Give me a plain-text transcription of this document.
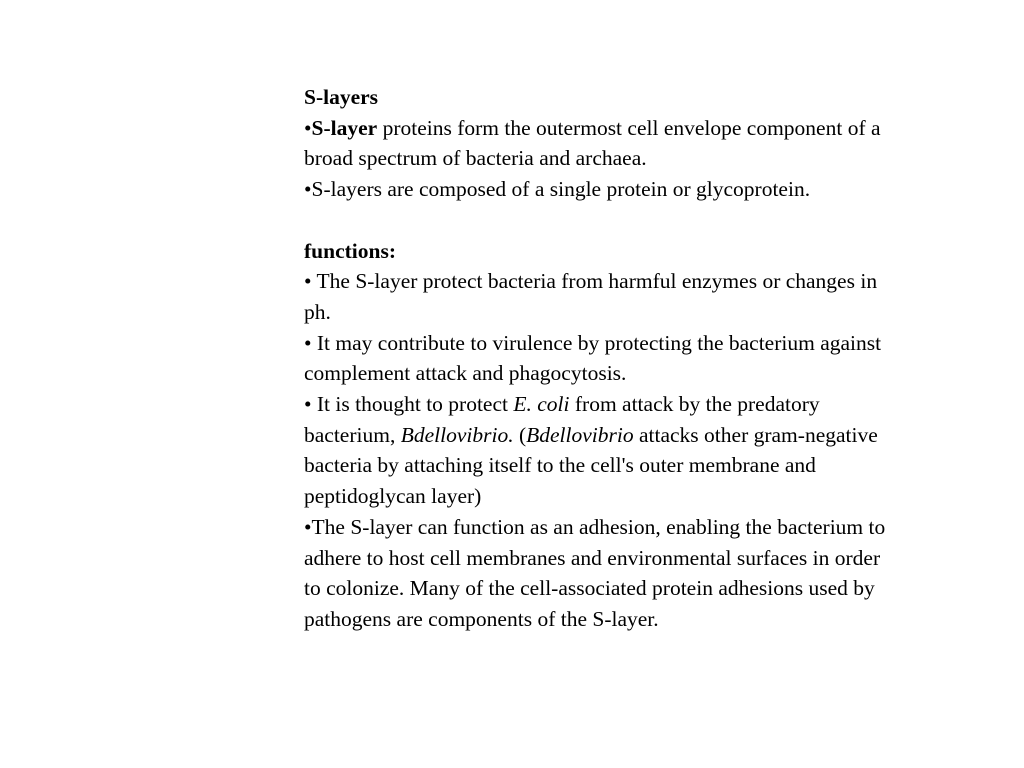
S-layers
•S-layer proteins form the outermost cell envelope component of a
broad spectrum of bacteria and archaea.
•S-layers are composed of a single protein or glycoprotein.
functions:
• The S-layer protect bacteria from harmful enzymes or changes in
ph.
• It may contribute to virulence by protecting the bacterium against
complement attack and phagocytosis.
• It is thought to protect E. coli from attack by the predatory
bacterium, Bdellovibrio. (Bdellovibrio attacks other gram-negative
bacteria by attaching itself to the cell's outer membrane and
peptidoglycan layer)
•The S-layer can function as an adhesion, enabling the bacterium to
adhere to host cell membranes and environmental surfaces in order
to colonize. Many of the cell-associated protein adhesions used by
pathogens are components of the S-layer.
